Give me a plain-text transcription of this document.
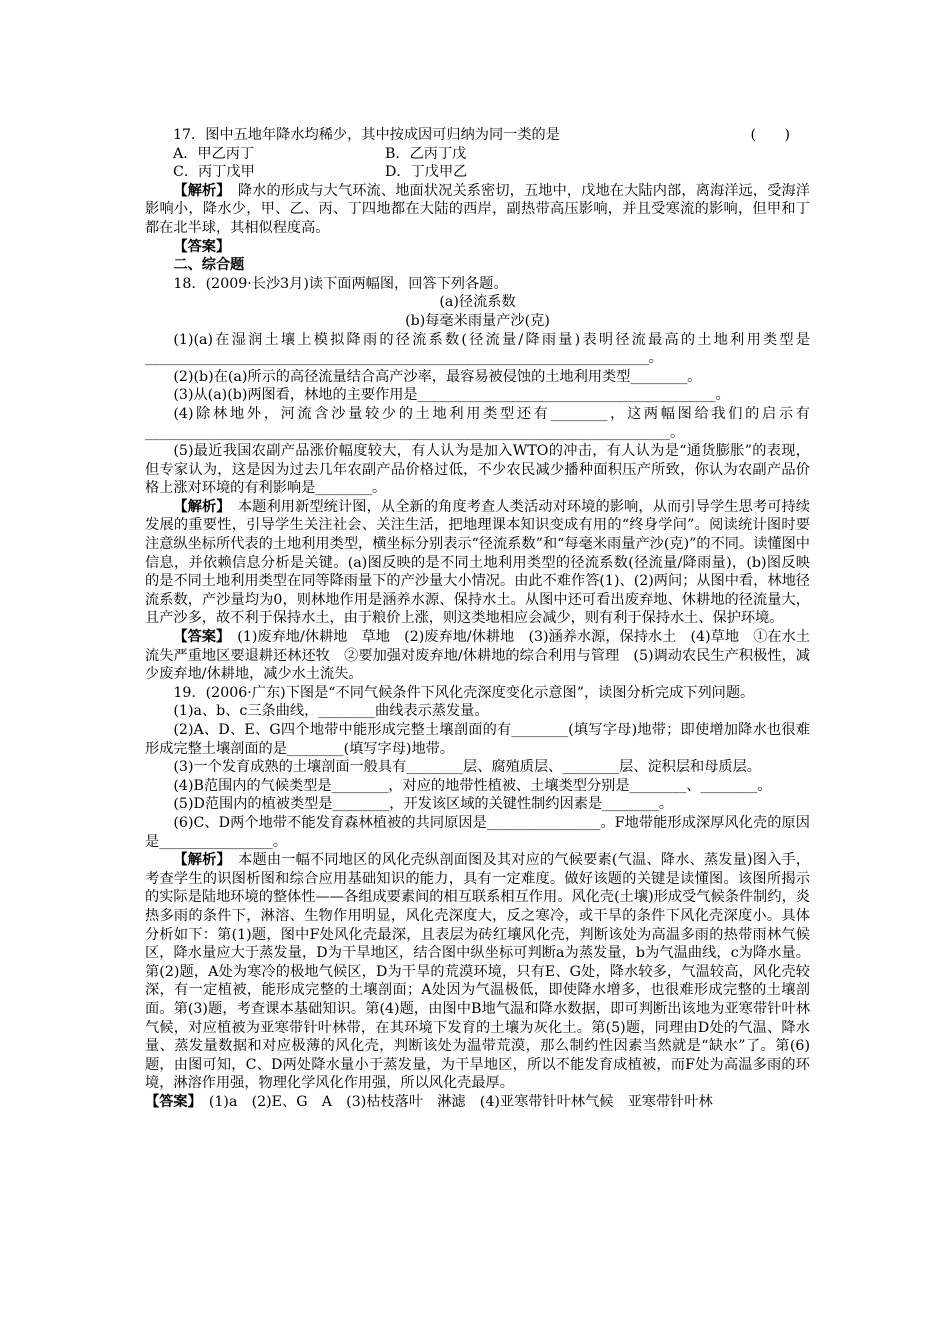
17．图中五地年降水均稀少，其中按成因可归纳为同一类的是	(　　)
A．甲乙丙丁	B．乙丙丁戊
C．丙丁戊甲	D．丁戊甲乙

【解析】　降水的形成与大气环流、地面状况关系密切，五地中，戊地在大陆内部，离海洋远，受海洋影响小，降水少，甲、乙、丙、丁四地都在大陆的西岸，副热带高压影响，并且受寒流的影响，但甲和丁都在北半球，其相似程度高。

【答案】

二、综合题

18．(2009·长沙3月)读下面两幅图，回答下列各题。

(a)径流系数

(b)每毫米雨量产沙(克)

(1)(a)在湿润土壤上模拟降雨的径流系数(径流量/降雨量)表明径流最高的土地利用类型是_______________________________________________________________________。

(2)(b)在(a)所示的高径流量结合高产沙率，最容易被侵蚀的土地利用类型________。

(3)从(a)(b)两图看，林地的主要作用是__________________________________________。

(4)除林地外，河流含沙量较少的土地利用类型还有________，这两幅图给我们的启示有__________________________________________________________________________。

(5)最近我国农副产品涨价幅度较大，有人认为是加入WTO的冲击，有人认为是“通货膨胀”的表现，但专家认为，这是因为过去几年农副产品价格过低，不少农民减少播种面积压产所致，你认为农副产品价格上涨对环境的有利影响是________。

【解析】　本题利用新型统计图，从全新的角度考查人类活动对环境的影响，从而引导学生思考可持续发展的重要性，引导学生关注社会、关注生活，把地理课本知识变成有用的“终身学问”。阅读统计图时要注意纵坐标所代表的土地利用类型，横坐标分别表示“径流系数”和“每毫米雨量产沙(克)”的不同。读懂图中信息，并依赖信息分析是关键。(a)图反映的是不同土地利用类型的径流系数(径流量/降雨量)，(b)图反映的是不同土地利用类型在同等降雨量下的产沙量大小情况。由此不难作答(1)、(2)两问；从图中看，林地径流系数，产沙量均为0，则林地作用是涵养水源、保持水土。从图中还可看出废弃地、休耕地的径流量大，且产沙多，故不利于保持水土，由于粮价上涨，则这类地相应会减少，则有利于保持水土、保护环境。

【答案】　(1)废弃地/休耕地　草地　(2)废弃地/休耕地　(3)涵养水源，保持水土　(4)草地　①在水土流失严重地区要退耕还林还牧　②要加强对废弃地/休耕地的综合利用与管理　(5)调动农民生产积极性，减少废弃地/休耕地，减少水土流失。

19．(2006·广东)下图是“不同气候条件下风化壳深度变化示意图”，读图分析完成下列问题。

(1)a、b、c三条曲线，________曲线表示蒸发量。

(2)A、D、E、G四个地带中能形成完整土壤剖面的有________(填写字母)地带；即使增加降水也很难形成完整土壤剖面的是________(填写字母)地带。

(3)一个发育成熟的土壤剖面一般具有________层、腐殖质层、________层、淀积层和母质层。

(4)B范围内的气候类型是________，对应的地带性植被、土壤类型分别是________、________。

(5)D范围内的植被类型是________，开发该区域的关键性制约因素是________。

(6)C、D两个地带不能发育森林植被的共同原因是________________。F地带能形成深厚风化壳的原因是________________。

【解析】　本题由一幅不同地区的风化壳纵剖面图及其对应的气候要素(气温、降水、蒸发量)图入手，考查学生的识图析图和综合应用基础知识的能力，具有一定难度。做好该题的关键是读懂图。该图所揭示的实际是陆地环境的整体性——各组成要素间的相互联系相互作用。风化壳(土壤)形成受气候条件制约，炎热多雨的条件下，淋溶、生物作用明显，风化壳深度大，反之寒冷，或干旱的条件下风化壳深度小。具体分析如下：第(1)题，图中F处风化壳最深，且表层为砖红壤风化壳，判断该处为高温多雨的热带雨林气候区，降水量应大于蒸发量，D为干旱地区，结合图中纵坐标可判断a为蒸发量，b为气温曲线，c为降水量。第(2)题，A处为寒冷的极地气候区，D为干旱的荒漠环境，只有E、G处，降水较多，气温较高，风化壳较深，有一定植被，能形成完整的土壤剖面；A处因为气温极低，即使降水增多，也很难形成完整的土壤剖面。第(3)题，考查课本基础知识。第(4)题，由图中B地气温和降水数据，即可判断出该地为亚寒带针叶林气候，对应植被为亚寒带针叶林带，在其环境下发育的土壤为灰化土。第(5)题，同理由D处的气温、降水量、蒸发量数据和对应极薄的风化壳，判断该处为温带荒漠，那么制约性因素当然就是“缺水”了。第(6)题，由图可知，C、D两处降水量小于蒸发量，为干旱地区，所以不能发育成植被，而F处为高温多雨的环境，淋溶作用强，物理化学风化作用强，所以风化壳最厚。

【答案】　(1)a　(2)E、G　A　(3)枯枝落叶　淋滤　(4)亚寒带针叶林气候　亚寒带针叶林
